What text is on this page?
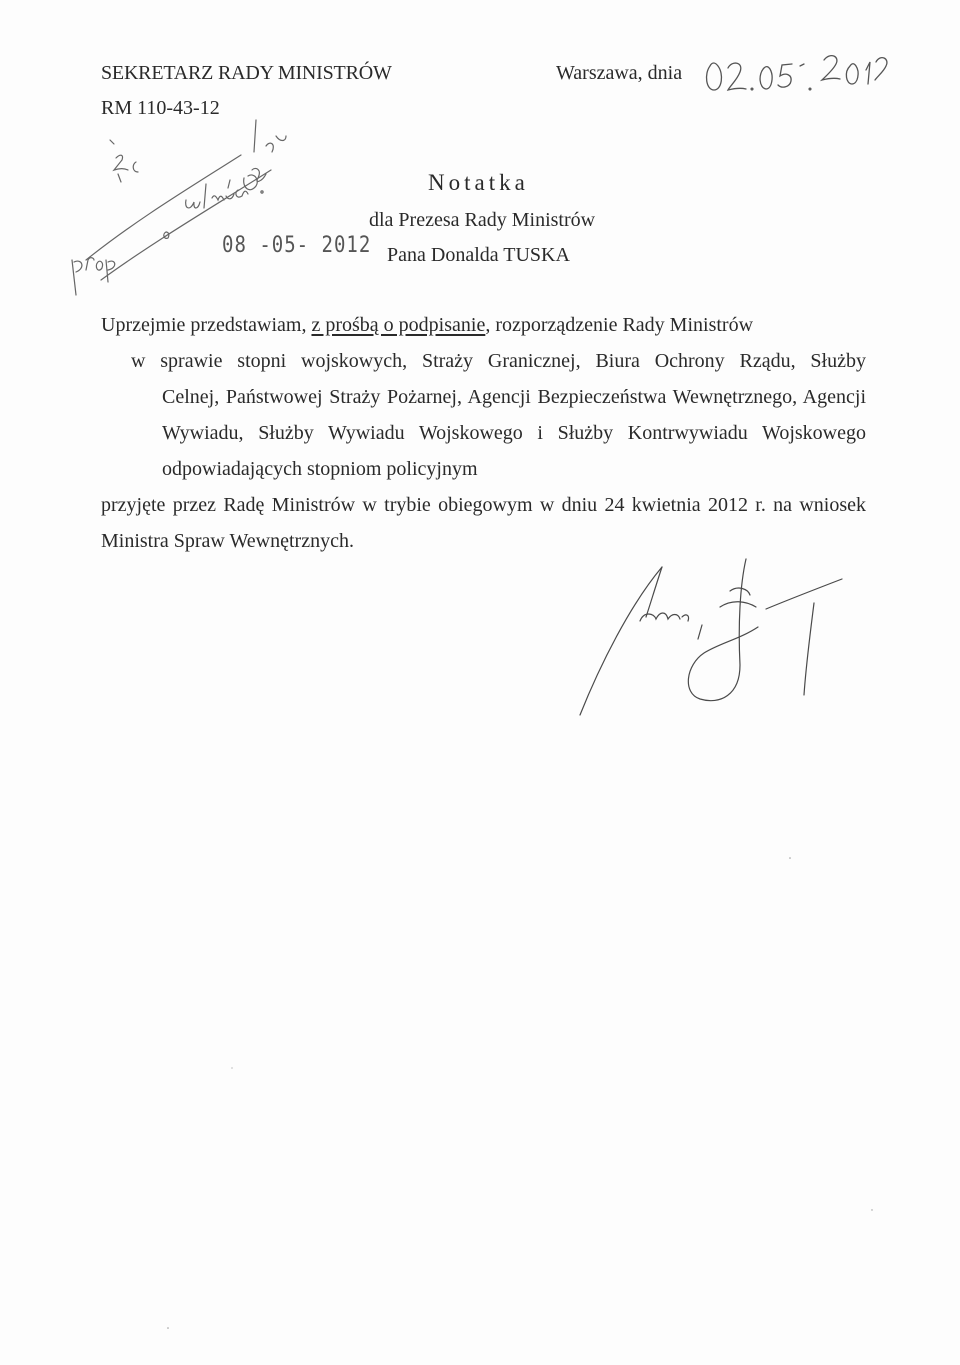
SEKRETARZ RADY MINISTRÓW
RM 110-43-12
Warszawa, dnia
08 -05- 2012
Notatka
dla Prezesa Rady Ministrów
Pana Donalda TUSKA
Uprzejmie przedstawiam, z prośbą o podpisanie, rozporządzenie Rady Ministrów
w sprawie stopni wojskowych, Straży Granicznej, Biura Ochrony Rządu, Służby
Celnej, Państwowej Straży Pożarnej, Agencji Bezpieczeństwa Wewnętrznego, Agencji
Wywiadu, Służby Wywiadu Wojskowego i Służby Kontrwywiadu Wojskowego
odpowiadających stopniom policyjnym
przyjęte przez Radę Ministrów w trybie obiegowym w dniu 24 kwietnia 2012 r. na wniosek
Ministra Spraw Wewnętrznych.
